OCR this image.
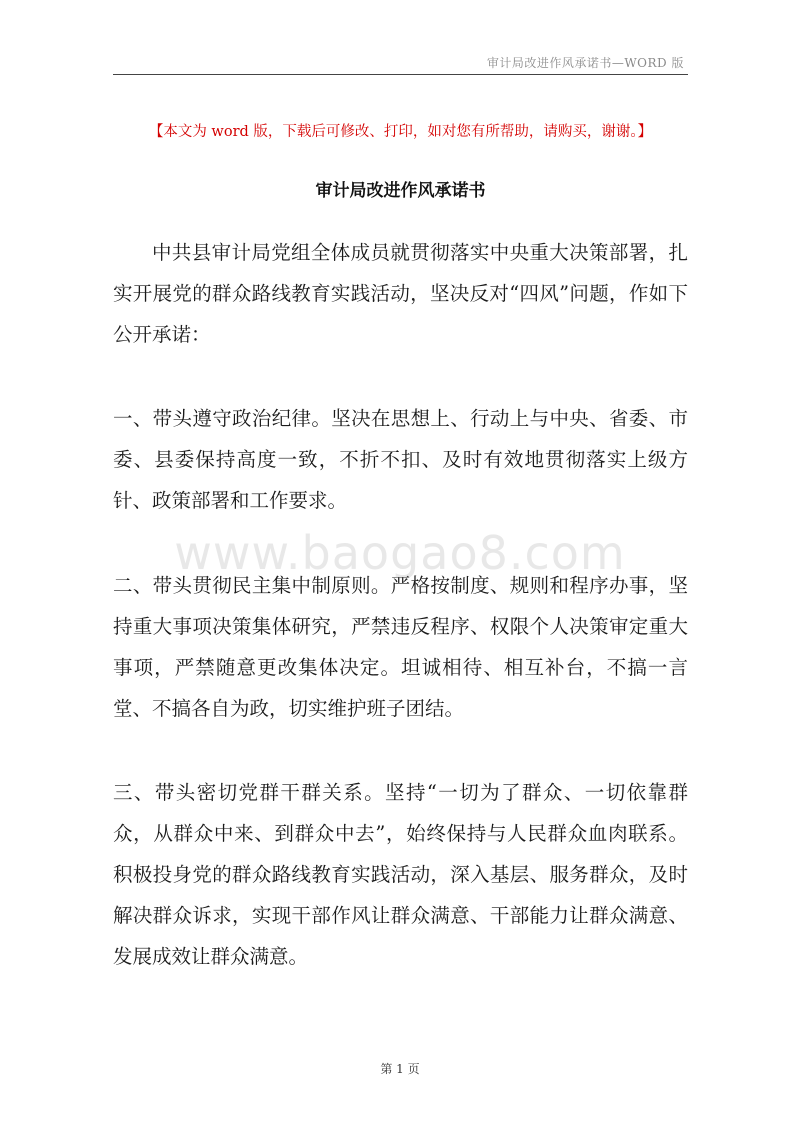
审计局改进作风承诺书—WORD 版
【本文为 word 版，下载后可修改、打印，如对您有所帮助，请购买，谢谢。】
审计局改进作风承诺书
中共县审计局党组全体成员就贯彻落实中央重大决策部署，扎实开展党的群众路线教育实践活动，坚决反对“四风”问题，作如下公开承诺：
一、带头遵守政治纪律。坚决在思想上、行动上与中央、省委、市委、县委保持高度一致，不折不扣、及时有效地贯彻落实上级方针、政策部署和工作要求。
二、带头贯彻民主集中制原则。严格按制度、规则和程序办事，坚持重大事项决策集体研究，严禁违反程序、权限个人决策审定重大事项，严禁随意更改集体决定。坦诚相待、相互补台，不搞一言堂、不搞各自为政，切实维护班子团结。
三、带头密切党群干群关系。坚持“一切为了群众、一切依靠群众，从群众中来、到群众中去”，始终保持与人民群众血肉联系。积极投身党的群众路线教育实践活动，深入基层、服务群众，及时解决群众诉求，实现干部作风让群众满意、干部能力让群众满意、发展成效让群众满意。
www.baogao8.com
第 1 页
